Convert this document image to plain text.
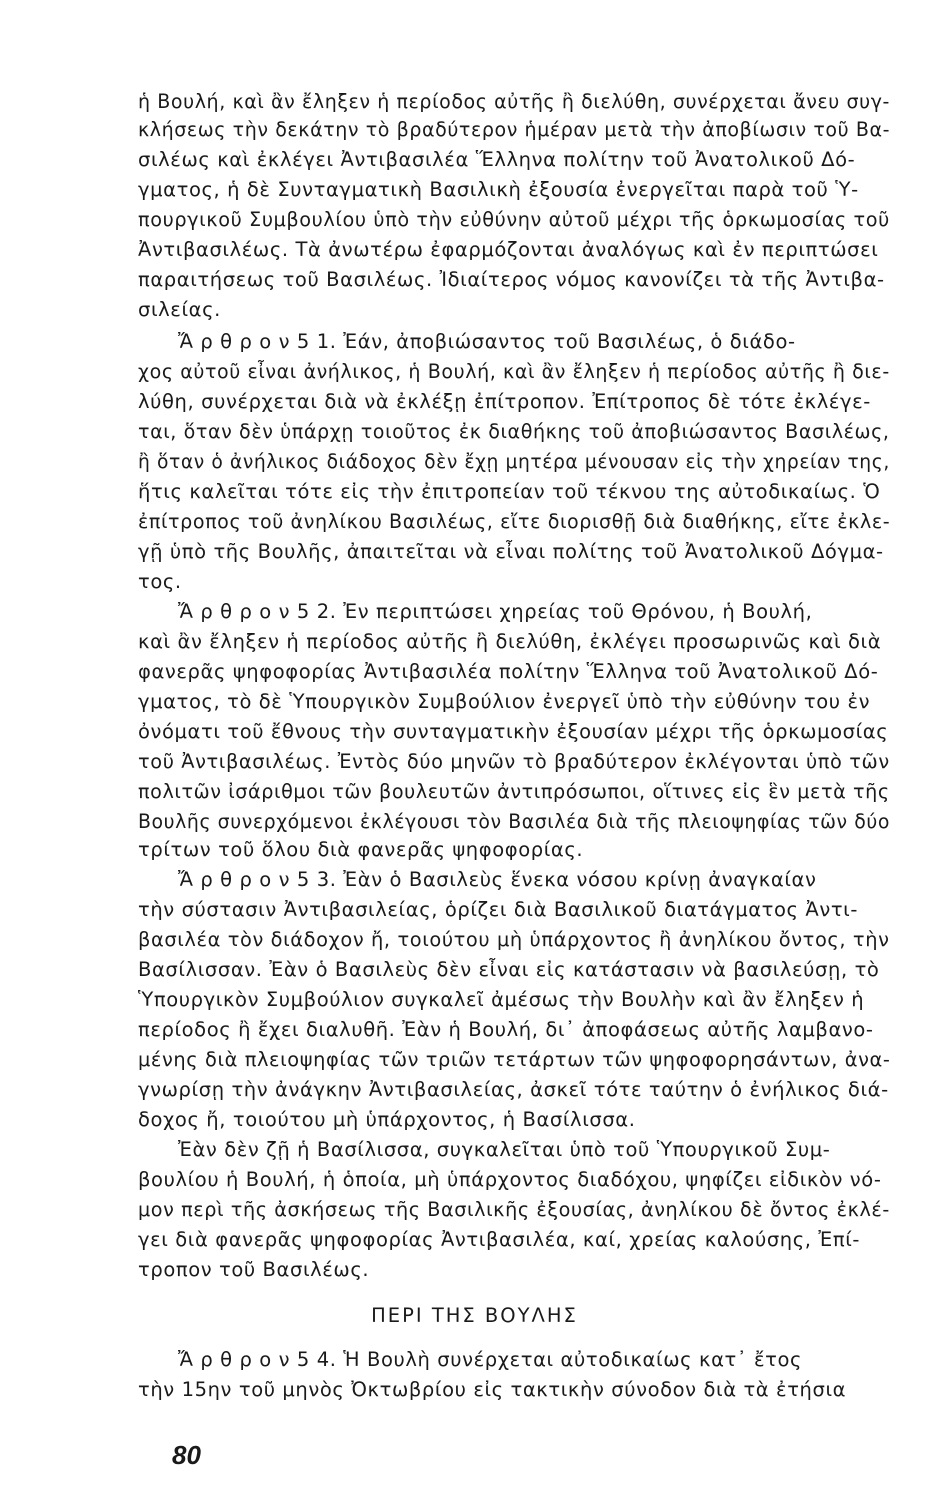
ἡ Βουλή, καὶ ἂν ἔληξεν ἡ περίοδος αὐτῆς ἢ διελύθη, συνέρχεται ἄνευ συγ-
κλήσεως τὴν δεκάτην τὸ βραδύτερον ἡμέραν μετὰ τὴν ἀποβίωσιν τοῦ Βα-
σιλέως καὶ ἐκλέγει Ἀντιβασιλέα Ἕλληνα πολίτην τοῦ Ἀνατολικοῦ Δό-
γματος, ἡ δὲ Συνταγματικὴ Βασιλικὴ ἐξουσία ἐνεργεῖται παρὰ τοῦ Ὑ-
πουργικοῦ Συμβουλίου ὑπὸ τὴν εὐθύνην αὐτοῦ μέχρι τῆς ὁρκωμοσίας τοῦ
Ἀντιβασιλέως. Τὰ ἀνωτέρω ἐφαρμόζονται ἀναλόγως καὶ ἐν περιπτώσει
παραιτήσεως τοῦ Βασιλέως. Ἰδιαίτερος νόμος κανονίζει τὰ τῆς Ἀντιβα-
σιλείας.
Ἄ ρ θ ρ ο ν 5 1. Ἐάν, ἀποβιώσαντος τοῦ Βασιλέως, ὁ διάδο-
χος αὐτοῦ εἶναι ἀνήλικος, ἡ Βουλή, καὶ ἂν ἔληξεν ἡ περίοδος αὐτῆς ἢ διε-
λύθη, συνέρχεται διὰ νὰ ἐκλέξῃ ἐπίτροπον. Ἐπίτροπος δὲ τότε ἐκλέγε-
ται, ὅταν δὲν ὑπάρχῃ τοιοῦτος ἐκ διαθήκης τοῦ ἀποβιώσαντος Βασιλέως,
ἢ ὅταν ὁ ἀνήλικος διάδοχος δὲν ἔχῃ μητέρα μένουσαν εἰς τὴν χηρείαν της,
ἥτις καλεῖται τότε εἰς τὴν ἐπιτροπείαν τοῦ τέκνου της αὐτοδικαίως. Ὁ
ἐπίτροπος τοῦ ἀνηλίκου Βασιλέως, εἴτε διορισθῇ διὰ διαθήκης, εἴτε ἐκλε-
γῇ ὑπὸ τῆς Βουλῆς, ἀπαιτεῖται νὰ εἶναι πολίτης τοῦ Ἀνατολικοῦ Δόγμα-
τος.
Ἄ ρ θ ρ ο ν 5 2. Ἐν περιπτώσει χηρείας τοῦ Θρόνου, ἡ Βουλή,
καὶ ἂν ἔληξεν ἡ περίοδος αὐτῆς ἢ διελύθη, ἐκλέγει προσωρινῶς καὶ διὰ
φανερᾶς ψηφοφορίας Ἀντιβασιλέα πολίτην Ἕλληνα τοῦ Ἀνατολικοῦ Δό-
γματος, τὸ δὲ Ὑπουργικὸν Συμβούλιον ἐνεργεῖ ὑπὸ τὴν εὐθύνην του ἐν
ὀνόματι τοῦ ἔθνους τὴν συνταγματικὴν ἐξουσίαν μέχρι τῆς ὁρκωμοσίας
τοῦ Ἀντιβασιλέως. Ἐντὸς δύο μηνῶν τὸ βραδύτερον ἐκλέγονται ὑπὸ τῶν
πολιτῶν ἰσάριθμοι τῶν βουλευτῶν ἀντιπρόσωποι, οἵτινες εἰς ἓν μετὰ τῆς
Βουλῆς συνερχόμενοι ἐκλέγουσι τὸν Βασιλέα διὰ τῆς πλειοψηφίας τῶν δύο
τρίτων τοῦ ὅλου διὰ φανερᾶς ψηφοφορίας.
Ἄ ρ θ ρ ο ν 5 3. Ἐὰν ὁ Βασιλεὺς ἕνεκα νόσου κρίνῃ ἀναγκαίαν
τὴν σύστασιν Ἀντιβασιλείας, ὁρίζει διὰ Βασιλικοῦ διατάγματος Ἀντι-
βασιλέα τὸν διάδοχον ἤ, τοιούτου μὴ ὑπάρχοντος ἢ ἀνηλίκου ὄντος, τὴν
Βασίλισσαν. Ἐὰν ὁ Βασιλεὺς δὲν εἶναι εἰς κατάστασιν νὰ βασιλεύσῃ, τὸ
Ὑπουργικὸν Συμβούλιον συγκαλεῖ ἀμέσως τὴν Βουλὴν καὶ ἂν ἔληξεν ἡ
περίοδος ἢ ἔχει διαλυθῆ. Ἐὰν ἡ Βουλή, δι᾽ ἀποφάσεως αὐτῆς λαμβανο-
μένης διὰ πλειοψηφίας τῶν τριῶν τετάρτων τῶν ψηφοφορησάντων, ἀνα-
γνωρίσῃ τὴν ἀνάγκην Ἀντιβασιλείας, ἀσκεῖ τότε ταύτην ὁ ἐνήλικος διά-
δοχος ἤ, τοιούτου μὴ ὑπάρχοντος, ἡ Βασίλισσα.
Ἐὰν δὲν ζῇ ἡ Βασίλισσα, συγκαλεῖται ὑπὸ τοῦ Ὑπουργικοῦ Συμ-
βουλίου ἡ Βουλή, ἡ ὁποία, μὴ ὑπάρχοντος διαδόχου, ψηφίζει εἰδικὸν νό-
μον περὶ τῆς ἀσκήσεως τῆς Βασιλικῆς ἐξουσίας, ἀνηλίκου δὲ ὄντος ἐκλέ-
γει διὰ φανερᾶς ψηφοφορίας Ἀντιβασιλέα, καί, χρείας καλούσης, Ἐπί-
τροπον τοῦ Βασιλέως.
ΠΕΡΙ ΤΗΣ ΒΟΥΛΗΣ
Ἄ ρ θ ρ ο ν 5 4. Ἡ Βουλὴ συνέρχεται αὐτοδικαίως κατ᾽ ἔτος
τὴν 15ην τοῦ μηνὸς Ὀκτωβρίου εἰς τακτικὴν σύνοδον διὰ τὰ ἐτήσια
80
